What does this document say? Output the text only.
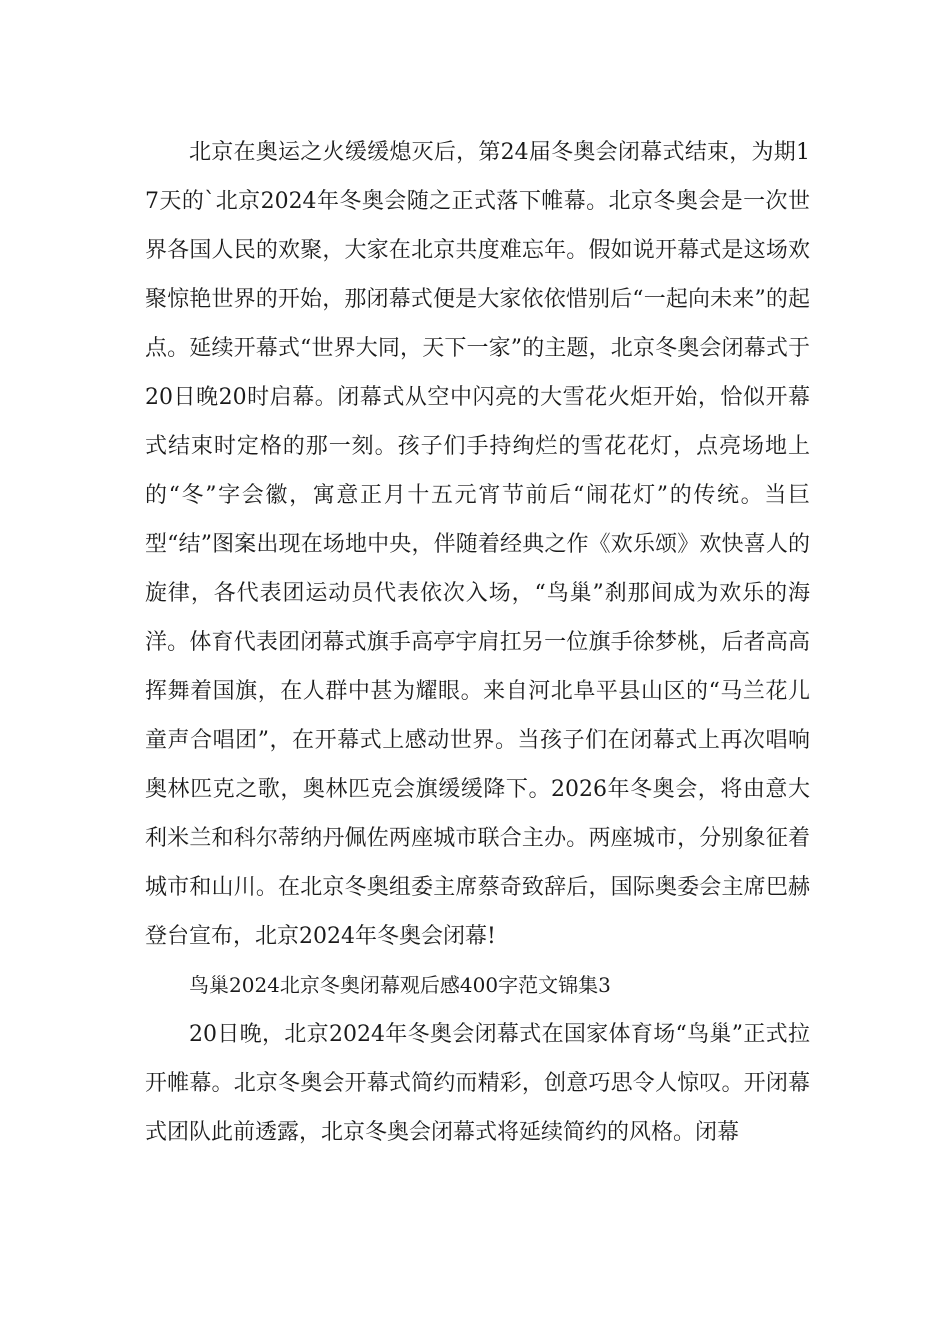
北京在奥运之火缓缓熄灭后，第24届冬奥会闭幕式结束，为期17天的`北京2024年冬奥会随之正式落下帷幕。北京冬奥会是一次世界各国人民的欢聚，大家在北京共度难忘年。假如说开幕式是这场欢聚惊艳世界的开始，那闭幕式便是大家依依惜别后“一起向未来”的起点。延续开幕式“世界大同，天下一家”的主题，北京冬奥会闭幕式于20日晚20时启幕。闭幕式从空中闪亮的大雪花火炬开始，恰似开幕式结束时定格的那一刻。孩子们手持绚烂的雪花花灯，点亮场地上的“冬”字会徽，寓意正月十五元宵节前后“闹花灯”的传统。当巨型“结”图案出现在场地中央，伴随着经典之作《欢乐颂》欢快喜人的旋律，各代表团运动员代表依次入场，“鸟巢”刹那间成为欢乐的海洋。体育代表团闭幕式旗手高亭宇肩扛另一位旗手徐梦桃，后者高高挥舞着国旗，在人群中甚为耀眼。来自河北阜平县山区的“马兰花儿童声合唱团”，在开幕式上感动世界。当孩子们在闭幕式上再次唱响奥林匹克之歌，奥林匹克会旗缓缓降下。2026年冬奥会，将由意大利米兰和科尔蒂纳丹佩佐两座城市联合主办。两座城市，分别象征着城市和山川。在北京冬奥组委主席蔡奇致辞后，国际奥委会主席巴赫登台宣布，北京2024年冬奥会闭幕!

鸟巢2024北京冬奥闭幕观后感400字范文锦集3

20日晚，北京2024年冬奥会闭幕式在国家体育场“鸟巢”正式拉开帷幕。北京冬奥会开幕式简约而精彩，创意巧思令人惊叹。开闭幕式团队此前透露，北京冬奥会闭幕式将延续简约的风格。闭幕
